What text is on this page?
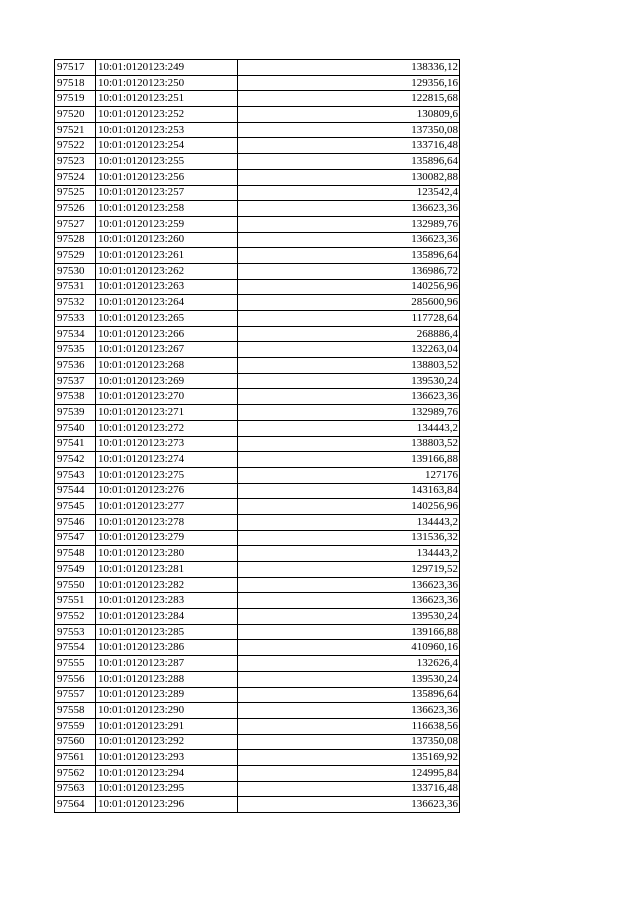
97517	10:01:0120123:249	138336,12
97518	10:01:0120123:250	129356,16
97519	10:01:0120123:251	122815,68
97520	10:01:0120123:252	130809,6
97521	10:01:0120123:253	137350,08
97522	10:01:0120123:254	133716,48
97523	10:01:0120123:255	135896,64
97524	10:01:0120123:256	130082,88
97525	10:01:0120123:257	123542,4
97526	10:01:0120123:258	136623,36
97527	10:01:0120123:259	132989,76
97528	10:01:0120123:260	136623,36
97529	10:01:0120123:261	135896,64
97530	10:01:0120123:262	136986,72
97531	10:01:0120123:263	140256,96
97532	10:01:0120123:264	285600,96
97533	10:01:0120123:265	117728,64
97534	10:01:0120123:266	268886,4
97535	10:01:0120123:267	132263,04
97536	10:01:0120123:268	138803,52
97537	10:01:0120123:269	139530,24
97538	10:01:0120123:270	136623,36
97539	10:01:0120123:271	132989,76
97540	10:01:0120123:272	134443,2
97541	10:01:0120123:273	138803,52
97542	10:01:0120123:274	139166,88
97543	10:01:0120123:275	127176
97544	10:01:0120123:276	143163,84
97545	10:01:0120123:277	140256,96
97546	10:01:0120123:278	134443,2
97547	10:01:0120123:279	131536,32
97548	10:01:0120123:280	134443,2
97549	10:01:0120123:281	129719,52
97550	10:01:0120123:282	136623,36
97551	10:01:0120123:283	136623,36
97552	10:01:0120123:284	139530,24
97553	10:01:0120123:285	139166,88
97554	10:01:0120123:286	410960,16
97555	10:01:0120123:287	132626,4
97556	10:01:0120123:288	139530,24
97557	10:01:0120123:289	135896,64
97558	10:01:0120123:290	136623,36
97559	10:01:0120123:291	116638,56
97560	10:01:0120123:292	137350,08
97561	10:01:0120123:293	135169,92
97562	10:01:0120123:294	124995,84
97563	10:01:0120123:295	133716,48
97564	10:01:0120123:296	136623,36
